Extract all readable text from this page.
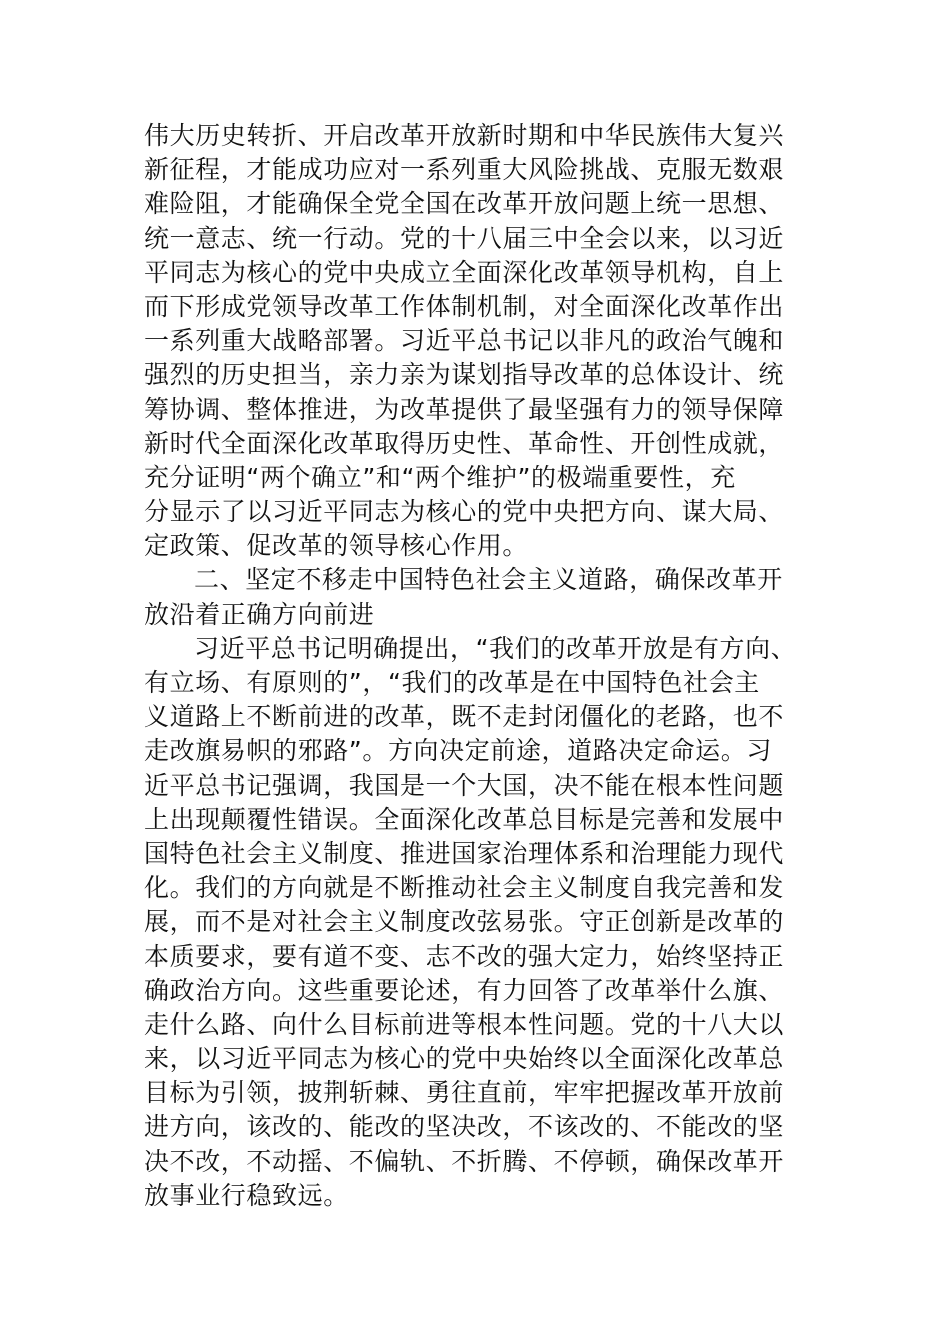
伟大历史转折、开启改革开放新时期和中华民族伟大复兴
新征程，才能成功应对一系列重大风险挑战、克服无数艰
难险阻，才能确保全党全国在改革开放问题上统一思想、
统一意志、统一行动。党的十八届三中全会以来，以习近
平同志为核心的党中央成立全面深化改革领导机构，自上
而下形成党领导改革工作体制机制，对全面深化改革作出
一系列重大战略部署。习近平总书记以非凡的政治气魄和
强烈的历史担当，亲力亲为谋划指导改革的总体设计、统
筹协调、整体推进，为改革提供了最坚强有力的领导保障
新时代全面深化改革取得历史性、革命性、开创性成就，
充分证明“两个确立”和“两个维护”的极端重要性，充
分显示了以习近平同志为核心的党中央把方向、谋大局、
定政策、促改革的领导核心作用。
二、坚定不移走中国特色社会主义道路，确保改革开
放沿着正确方向前进
习近平总书记明确提出，“我们的改革开放是有方向、
有立场、有原则的”，“我们的改革是在中国特色社会主
义道路上不断前进的改革，既不走封闭僵化的老路，也不
走改旗易帜的邪路”。方向决定前途，道路决定命运。习
近平总书记强调，我国是一个大国，决不能在根本性问题
上出现颠覆性错误。全面深化改革总目标是完善和发展中
国特色社会主义制度、推进国家治理体系和治理能力现代
化。我们的方向就是不断推动社会主义制度自我完善和发
展，而不是对社会主义制度改弦易张。守正创新是改革的
本质要求，要有道不变、志不改的强大定力，始终坚持正
确政治方向。这些重要论述，有力回答了改革举什么旗、
走什么路、向什么目标前进等根本性问题。党的十八大以
来，以习近平同志为核心的党中央始终以全面深化改革总
目标为引领，披荆斩棘、勇往直前，牢牢把握改革开放前
进方向，该改的、能改的坚决改，不该改的、不能改的坚
决不改，不动摇、不偏轨、不折腾、不停顿，确保改革开
放事业行稳致远。
